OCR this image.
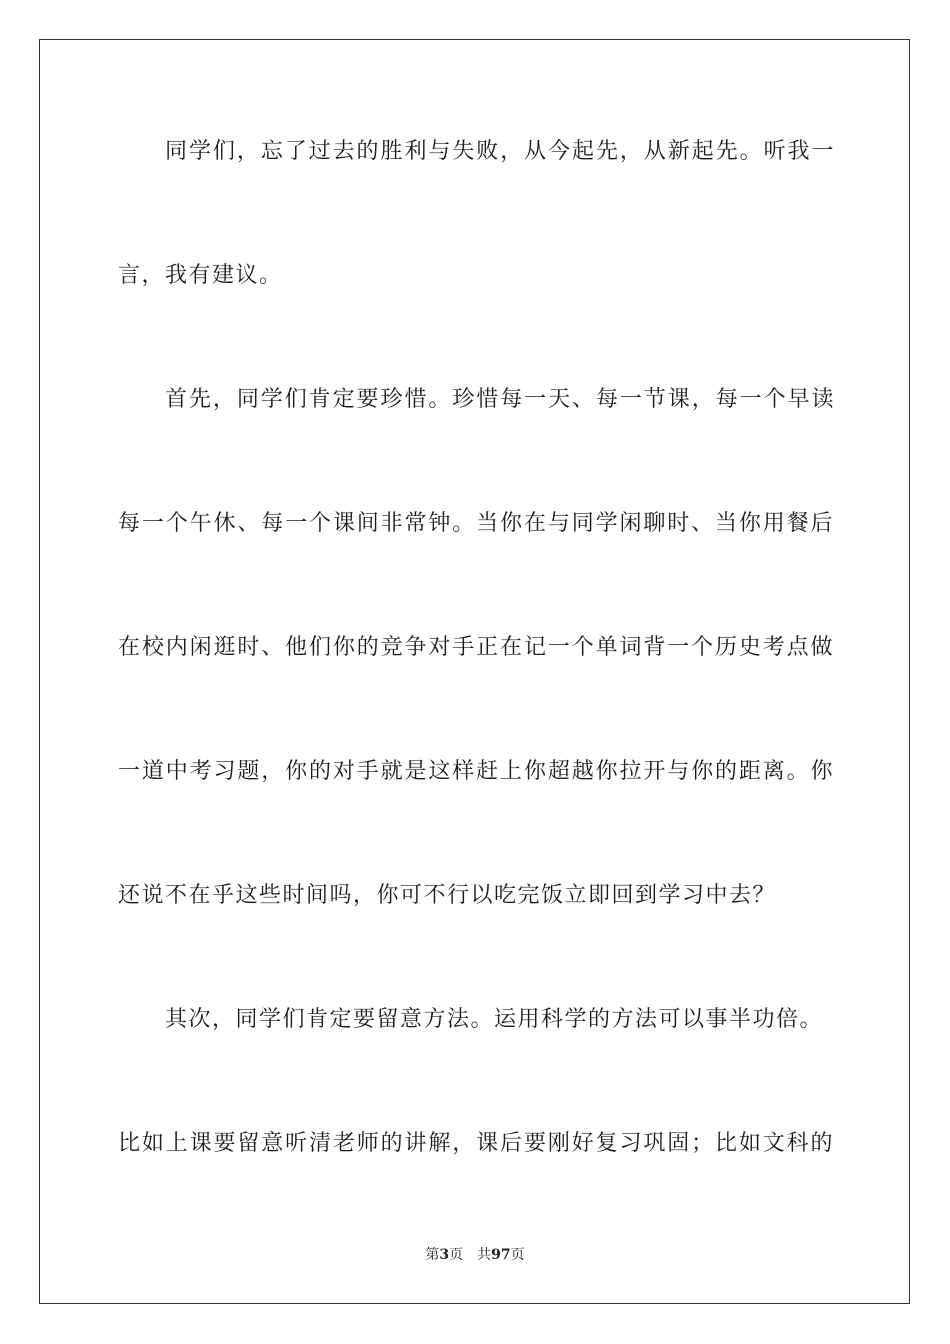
同学们，忘了过去的胜利与失败，从今起先，从新起先。听我一
言，我有建议。
首先，同学们肯定要珍惜。珍惜每一天、每一节课，每一个早读
每一个午休、每一个课间非常钟。当你在与同学闲聊时、当你用餐后
在校内闲逛时、他们你的竞争对手正在记一个单词背一个历史考点做
一道中考习题，你的对手就是这样赶上你超越你拉开与你的距离。你
还说不在乎这些时间吗，你可不行以吃完饭立即回到学习中去？
其次，同学们肯定要留意方法。运用科学的方法可以事半功倍。
比如上课要留意听清老师的讲解，课后要刚好复习巩固；比如文科的
第3页 共97页
